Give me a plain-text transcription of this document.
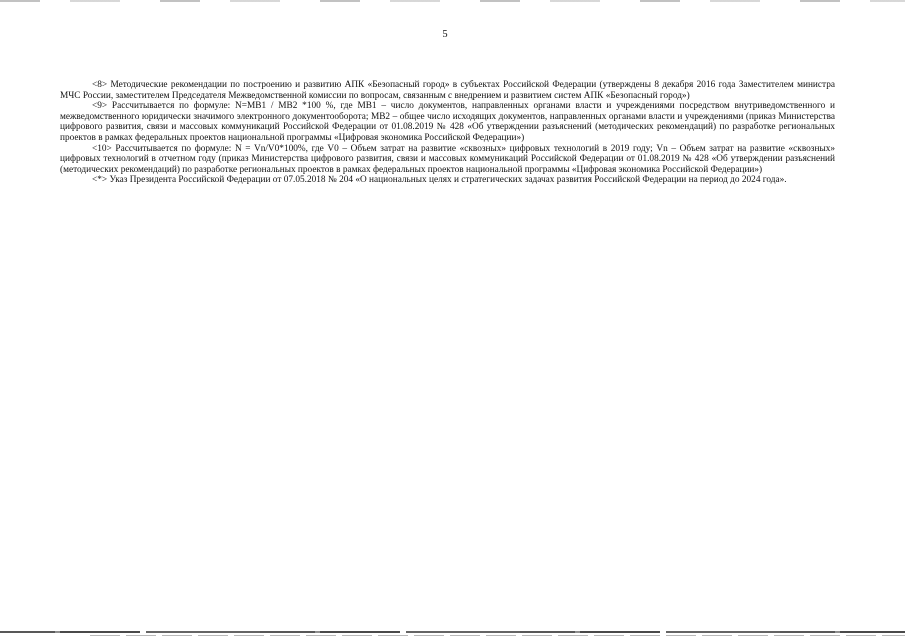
5

<8> Методические рекомендации по построению и развитию АПК «Безопасный город» в субъектах Российской Федерации (утверждены 8 декабря 2016 года Заместителем министра МЧС России, заместителем Председателя Межведомственной комиссии по вопросам, связанным с внедрением и развитием систем АПК «Безопасный город»)

<9> Рассчитывается по формуле: N=MB1 / MB2 *100 %, где MB1 – число документов, направленных органами власти и учреждениями посредством внутриведомственного и межведомственного юридически значимого электронного документооборота; MB2 – общее число исходящих документов, направленных органами власти и учреждениями (приказ Министерства цифрового развития, связи и массовых коммуникаций Российской Федерации от 01.08.2019 № 428 «Об утверждении разъяснений (методических рекомендаций) по разработке региональных проектов в рамках федеральных проектов национальной программы «Цифровая экономика Российской Федерации»)

<10> Рассчитывается по формуле: N = Vn/V0*100%, где V0 – Объем затрат на развитие «сквозных» цифровых технологий в 2019 году; Vn – Объем затрат на развитие «сквозных» цифровых технологий в отчетном году (приказ Министерства цифрового развития, связи и массовых коммуникаций Российской Федерации от 01.08.2019 № 428 «Об утверждении разъяснений (методических рекомендаций) по разработке региональных проектов в рамках федеральных проектов национальной программы «Цифровая экономика Российской Федерации»)

<*> Указ Президента Российской Федерации от 07.05.2018 № 204 «О национальных целях и стратегических задачах развития Российской Федерации на период до 2024 года».
